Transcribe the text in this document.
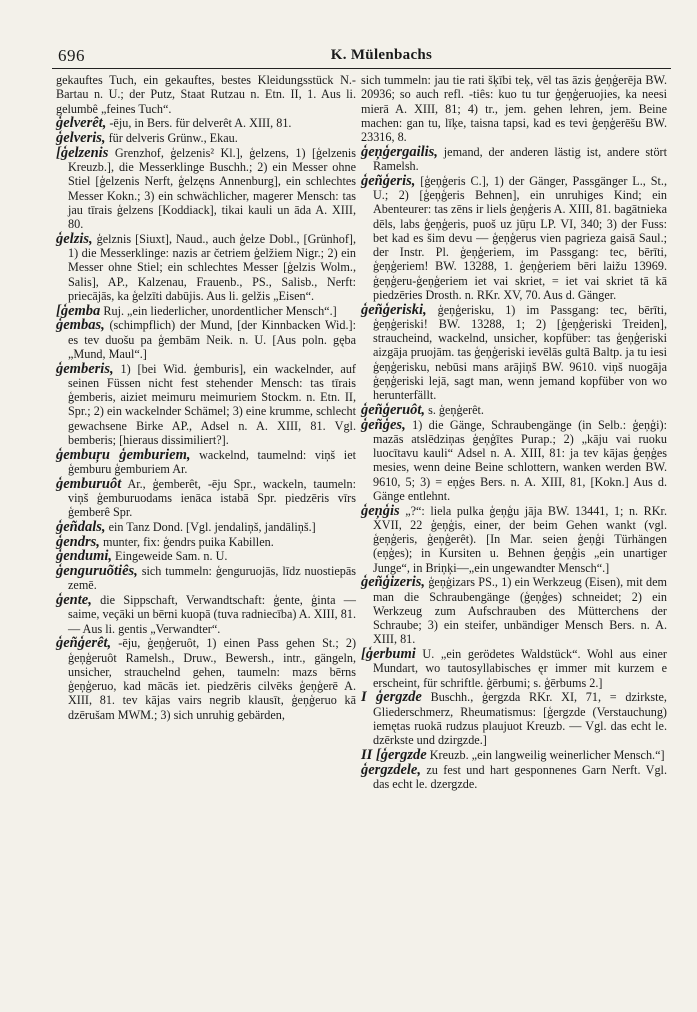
696	K. Mülenbachs

gekauftes Tuch, ein gekauftes, bestes Kleidungsstück N.-Bartau n. U.; der Putz, Staat Rutzau n. Etn. II, 1. Aus li. gelumbê „feines Tuch“.

ģelverêt, -ēju, in Bers. für delverêt A. XIII, 81.

ģelveris, für delveris Grünw., Ekau.

[ģelzenis Grenzhof, ģelzenis² Kl.], ģelzens, 1) [ģelzenis Kreuzb.], die Messerklinge Buschh.; 2) ein Messer ohne Stiel [ģelzenis Nerft, ģelzęns Annenburg], ein schlechtes Messer Kokn.; 3) ein schwächlicher, magerer Mensch: tas jau tīrais ģelzens [Koddiack], tikai kauli un āda A. XIII, 80.

ģelzis, ģelznis [Siuxt], Naud., auch ģelze Dobl., [Grünhof], 1) die Messerklinge: nazis ar četriem ģelžiem Nigr.; 2) ein Messer ohne Stiel; ein schlechtes Messer [ģelzis Wolm., Salis], AP., Kalzenau, Frauenb., PS., Salisb., Nerft: priecājās, ka ģelzīti dabūjis. Aus li. gelžis „Eisen“.

[ģemba Ruj. „ein liederlicher, unordentlicher Mensch“.]

ģembas, (schimpflich) der Mund, [der Kinnbacken Wid.]: es tev duošu pa ģembām Neik. n. U. [Aus poln. gęba „Mund, Maul“.]

ģemberis, 1) [bei Wid. ģemburis], ein wackelnder, auf seinen Füssen nicht fest stehender Mensch: tas tīrais ģemberis, aiziet meimuru meimuriem Stockm. n. Etn. II, Spr.; 2) ein wackelnder Schämel; 3) eine krumme, schlecht gewachsene Birke AP., Adsel n. A. XIII, 81. Vgl. bemberis; [hieraus dissimiliert?].

ģembuŗu ģemburiem, wackelnd, taumelnd: viņš iet ģemburu ģemburiem Ar.

ģemburuôt Ar., ģemberêt, -ēju Spr., wackeln, taumeln: viņš ģemburuodams ienāca istabā Spr. piedzēris vīrs ģemberê Spr.

ģeñdals, ein Tanz Dond. [Vgl. jendaliņš, jandāliņš.]

ģendrs, munter, fix: ģendrs puika Kabillen.

ģendumi, Eingeweide Sam. n. U.

ģenguruõtiês, sich tummeln: ģenguruojās, līdz nuostiepās zemē.

ģente, die Sippschaft, Verwandtschaft: ģente, ģinta — saime, veçāki un bērni kuopā (tuva radniecība) A. XIII, 81. — Aus li. gentis „Verwandter“.

ģeñģerêt, -ēju, ģeņģeruôt, 1) einen Pass gehen St.; 2) ģeņģeruôt Ramelsh., Druw., Bewersh., intr., gängeln, unsicher, strauchelnd gehen, taumeln: mazs bērns ģeņģeruo, kad mācās iet. piedzēris cilvēks ģeņģerē A. XIII, 81. tev kājas vairs negrib klausīt, ģeņģeruo kā dzērušam MWM.; 3) sich unruhig gebärden,

sich tummeln: jau tie rati šķībi teķ, vēl tas āzis ģeņģerēja BW. 20936; so auch refl. -tiês: kuo tu tur ģeņģeruojies, ka neesi mierā A. XIII, 81; 4) tr., jem. gehen lehren, jem. Beine machen: gan tu, līķe, taisna tapsi, kad es tevi ģeņģerēšu BW. 23316, 8.

ģeņģergailis, jemand, der anderen lästig ist, andere stört Ramelsh.

ģeñģeris, [ģeņģeris C.], 1) der Gänger, Passgänger L., St., U.; 2) [ģeņģeris Behnen], ein unruhiges Kind; ein Abenteurer: tas zēns ir liels ģeņģeris A. XIII, 81. bagātnieka dēls, labs ģeņģeris, puoš uz jūŗu LP. VI, 340; 3) der Fuss: bet kad es šim devu — ģeņģerus vien pagrieza gaisā Saul.; der Instr. Pl. ģeņģeriem, im Passgang: tec, bērīti, ģeņģeriem! BW. 13288, 1. ģeņģeriem bēri laižu 13969. ģeņģeru-ģeņģeriem iet vai skriet, = iet vai skriet tā kā piedzēries Drosth. n. RKr. XV, 70. Aus d. Gänger.

ģeñģeriski, ģeņģerisku, 1) im Passgang: tec, bērīti, ģeņģeriski! BW. 13288, 1; 2) [ģeņģeriski Treiden], straucheind, wackelnd, unsicher, kopfüber: tas ģeņģeriski aizgāja pruojām. tas ģeņģeriski ievēlās gultā Baltp. ja tu iesi ģeņģerisku, nebūsi mans arājiņš BW. 9610. viņš nuogāja ģeņģeriski lejā, sagt man, wenn jemand kopfüber von wo herunterfällt.

ģeñģeruôt, s. ģeņģerêt.

ģeñģes, 1) die Gänge, Schraubengänge (in Selb.: ģeņģi): mazās atslēdziņas ģeņģītes Purap.; 2) „kāju vai ruoku luocītavu kauli“ Adsel n. A. XIII, 81: ja tev kājas ģeņģes mesies, wenn deine Beine schlottern, wanken werden BW. 9610, 5; 3) = eņģes Bers. n. A. XIII, 81, [Kokn.] Aus d. Gänge entlehnt.

ģeņģis „?“: liela pulka ģeņģu jāja BW. 13441, 1; n. RKr. XVII, 22 ģeņģis, einer, der beim Gehen wankt (vgl. ģeņģeris, ģeņģerêt). [In Mar. seien ģeņģi Türhängen (eņģes); in Kursiten u. Behnen ģeņģis „ein unartiger Junge“, in Briņķi—„ein ungewandter Mensch“.]

ģeñģizeris, ģeņģizars PS., 1) ein Werkzeug (Eisen), mit dem man die Schraubengänge (ģeņģes) schneidet; 2) ein Werkzeug zum Aufschrauben des Mütterchens der Schraube; 3) ein steifer, unbändiger Mensch Bers. n. A. XIII, 81.

[ģerbumi U. „ein gerödetes Waldstück“. Wohl aus einer Mundart, wo tautosyllabisches ęr immer mit kurzem e erscheint, für schriftle. ģērbumi; s. ģērbums 2.]

I ģergzde Buschh., ģergzda RKr. XI, 71, = dzirkste, Gliederschmerz, Rheumatismus: [ģergzde (Verstauchung) iemętas ruokā rudzus plaujuot Kreuzb. — Vgl. das echt le. dzērkste und dzirgzde.]

II [ģergzde Kreuzb. „ein langweilig weinerlicher Mensch.“]

ģergzdele, zu fest und hart gesponnenes Garn Nerft. Vgl. das echt le. dzergzde.
